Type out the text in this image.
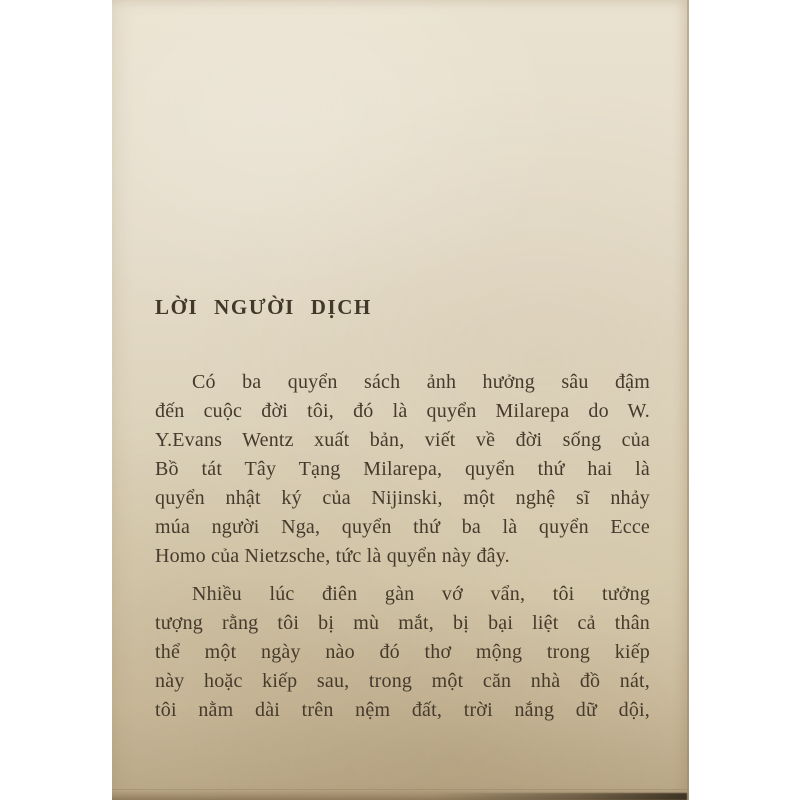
LỜI NGƯỜI DỊCH
Có ba quyển sách ảnh hưởng sâu đậm
đến cuộc đời tôi, đó là quyển Milarepa do W.
Y.Evans Wentz xuất bản, viết về đời sống của
Bồ tát Tây Tạng Milarepa, quyển thứ hai là
quyển nhật ký của Nijinski, một nghệ sĩ nhảy
múa người Nga, quyển thứ ba là quyển Ecce
Homo của Nietzsche, tức là quyển này đây.
Nhiều lúc điên gàn vớ vẩn, tôi tưởng
tượng rằng tôi bị mù mắt, bị bại liệt cả thân
thể một ngày nào đó thơ mộng trong kiếp
này hoặc kiếp sau, trong một căn nhà đồ nát,
tôi nằm dài trên nệm đất, trời nắng dữ dội,
